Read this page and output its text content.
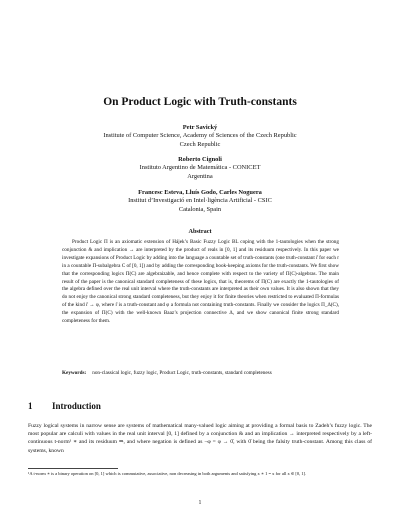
On Product Logic with Truth-constants
Petr Savický
Institute of Computer Science, Academy of Sciences of the Czech Republic
Czech Republic
Roberto Cignoli
Instituto Argentino de Matemática - CONICET
Argentina
Francesc Esteva, Lluís Godo, Carles Noguera
Institut d’Investigació en Intel·ligència Artificial - CSIC
Catalonia, Spain
Abstract
Product Logic Π is an axiomatic extension of Hájek’s Basic Fuzzy Logic BL coping with the 1-tautologies when the strong conjunction & and implication → are interpreted by the product of reals in [0, 1] and its residuum respectively. In this paper we investigate expansions of Product Logic by adding into the language a countable set of truth-constants (one truth-constant r̄ for each r in a countable Π-subalgebra C of [0, 1]) and by adding the corresponding book-keeping axioms for the truth-constants. We first show that the corresponding logics Π(C) are algebraizable, and hence complete with respect to the variety of Π(C)-algebras. The main result of the paper is the canonical standard completeness of these logics, that is, theorems of Π(C) are exactly the 1-tautologies of the algebra defined over the real unit interval where the truth-constants are interpreted as their own values. It is also shown that they do not enjoy the canonical strong standard completeness, but they enjoy it for finite theories when restricted to evaluated Π-formulas of the kind r̄ → φ, where r̄ is a truth-constant and φ a formula not containing truth-constants. Finally we consider the logics Π_Δ(C), the expansion of Π(C) with the well-known Baaz’s projection connective Δ, and we show canonical finite strong standard completeness for them.
Keywords: non-classical logic, fuzzy logic, Product Logic, truth-constants, standard completeness
1 Introduction
Fuzzy logical systems in narrow sense are systems of mathematical many-valued logic aiming at providing a formal basis to Zadeh’s fuzzy logic. The most popular are calculi with values in the real unit interval [0, 1] defined by a conjunction & and an implication → interpreted respectively by a left-continuous t-norm¹ ∗ and its residuum ⇒, and where negation is defined as ¬φ = φ → 0̄, with 0̄ being the falsity truth-constant. Among this class of systems, known
¹A t-norm ∗ is a binary operation on [0, 1] which is commutative, associative, non decreasing in both arguments and satisfying x ∗ 1 = x for all x ∈ [0, 1].
1
